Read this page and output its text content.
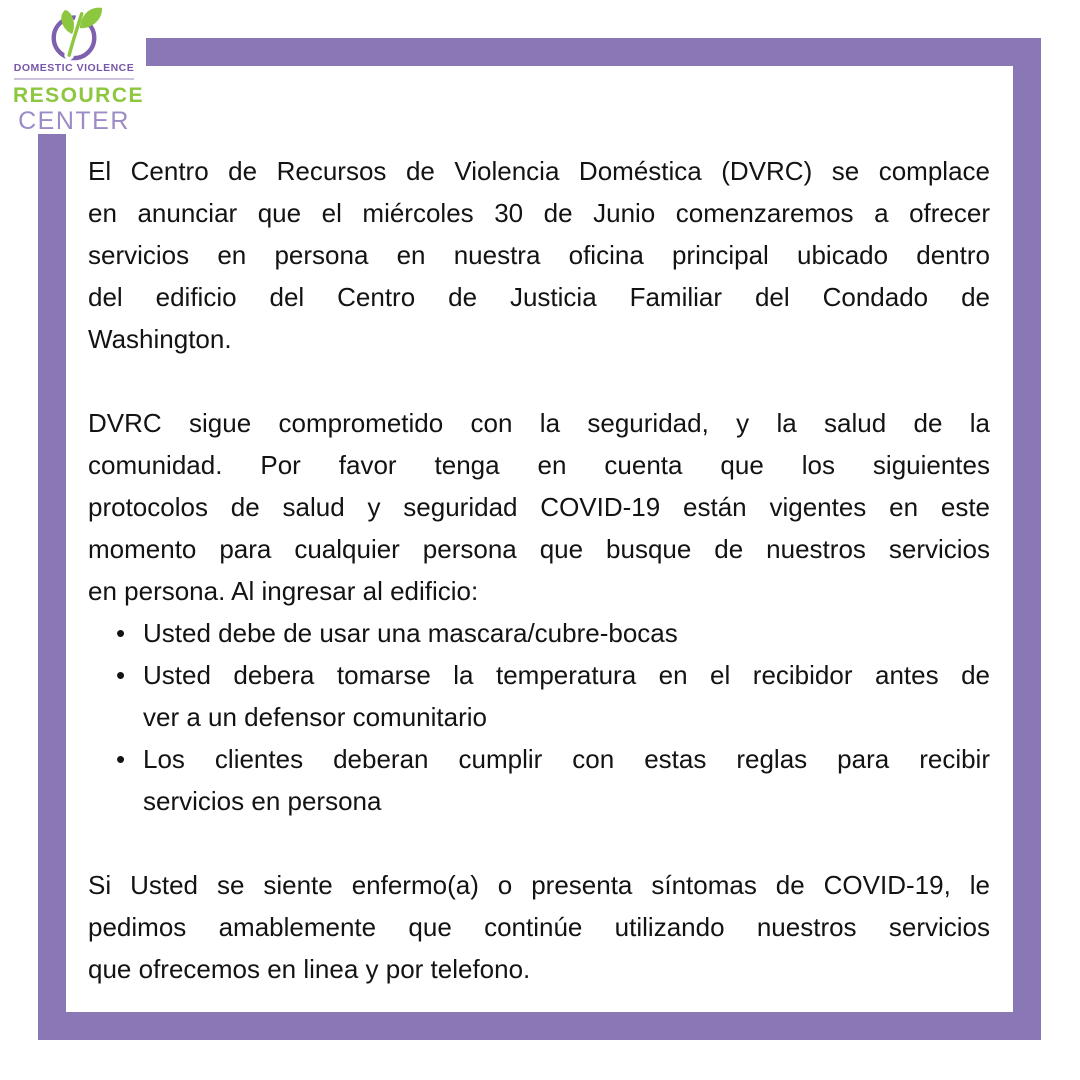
DOMESTIC VIOLENCE
RESOURCE
CENTER
El Centro de Recursos de Violencia Doméstica (DVRC) se complace
en anunciar que el miércoles 30 de Junio comenzaremos a ofrecer
servicios en persona en nuestra oficina principal ubicado dentro
del edificio del Centro de Justicia Familiar del Condado de
Washington.
DVRC sigue comprometido con la seguridad, y la salud de la
comunidad. Por favor tenga en cuenta que los siguientes
protocolos de salud y seguridad COVID-19 están vigentes en este
momento para cualquier persona que busque de nuestros servicios
en persona. Al ingresar al edificio:
• Usted debe de usar una mascara/cubre-bocas
• Usted debera tomarse la temperatura en el recibidor antes de
ver a un defensor comunitario
• Los clientes deberan cumplir con estas reglas para recibir
servicios en persona
Si Usted se siente enfermo(a) o presenta síntomas de COVID-19, le
pedimos amablemente que continúe utilizando nuestros servicios
que ofrecemos en linea y por telefono.
